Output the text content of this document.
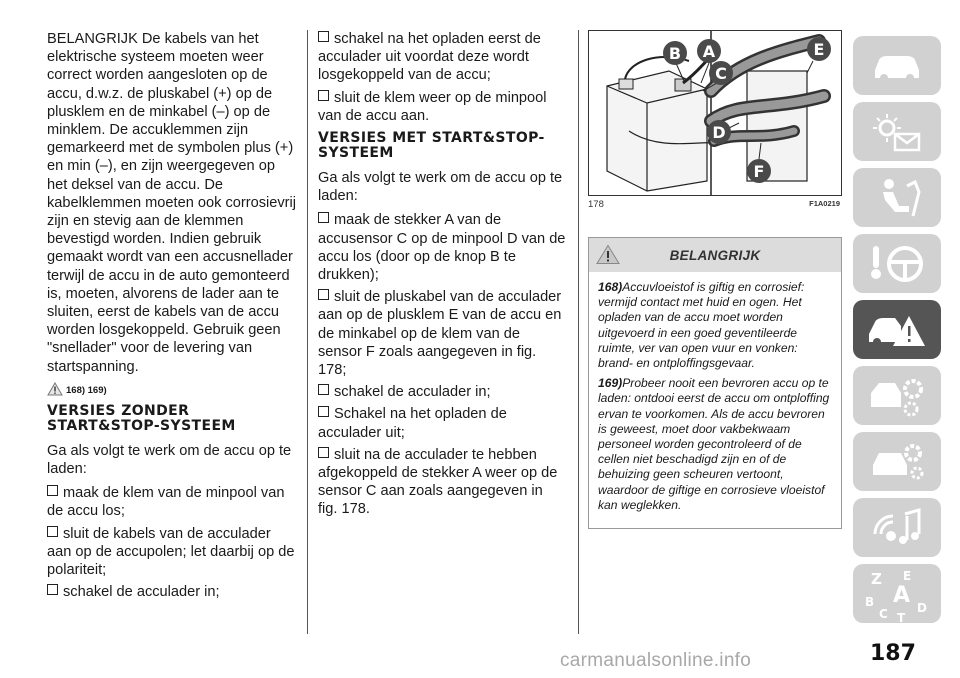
BELANGRIJK De kabels van het elektrische systeem moeten weer correct worden aangesloten op de accu, d.w.z. de pluskabel (+) op de plusklem en de minkabel (–) op de minklem. De accuklemmen zijn gemarkeerd met de symbolen plus (+) en min (–), en zijn weergegeven op het deksel van de accu. De kabelklemmen moeten ook corrosievrij zijn en stevig aan de klemmen bevestigd worden. Indien gebruik gemaakt wordt van een accusnellader terwijl de accu in de auto gemonteerd is, moeten, alvorens de lader aan te sluiten, eerst de kabels van de accu worden losgekoppeld. Gebruik geen "snellader" voor de levering van startspanning.

168) 169)
VERSIES ZONDER START&STOP-SYSTEEM

Ga als volgt te werk om de accu op te laden:

maak de klem van de minpool van de accu los;

sluit de kabels van de acculader aan op de accupolen; let daarbij op de polariteit;

schakel de acculader in;

schakel na het opladen eerst de acculader uit voordat deze wordt losgekoppeld van de accu;

sluit de klem weer op de minpool van de accu aan.

VERSIES MET START&STOP-SYSTEEM

Ga als volgt te werk om de accu op te laden:

maak de stekker A van de accusensor C op de minpool D van de accu los (door op de knop B te drukken);

sluit de pluskabel van de acculader aan op de plusklem E van de accu en de minkabel op de klem van de sensor F zoals aangegeven in fig. 178;

schakel de acculader in;

Schakel na het opladen de acculader uit;

sluit na de acculader te hebben afgekoppeld de stekker A weer op de sensor C aan zoals aangegeven in fig. 178.

B A	E
C
D
F
178	F1A0219
BELANGRIJK

168)Accuvloeistof is giftig en corrosief: vermijd contact met huid en ogen. Het opladen van de accu moet worden uitgevoerd in een goed geventileerde ruimte, ver van open vuur en vonken: brand- en ontploffingsgevaar.

169)Probeer nooit een bevroren accu op te laden: ontdooi eerst de accu om ontploffing ervan te voorkomen. Als de accu bevroren is geweest, moet door vakbekwaam personeel worden gecontroleerd of de cellen niet beschadigd zijn en of de behuizing geen scheuren vertoont, waardoor de giftige en corrosieve vloeistof kan weglekken.

Z E
A
B
C D
T
187
carmanualsonline.info
